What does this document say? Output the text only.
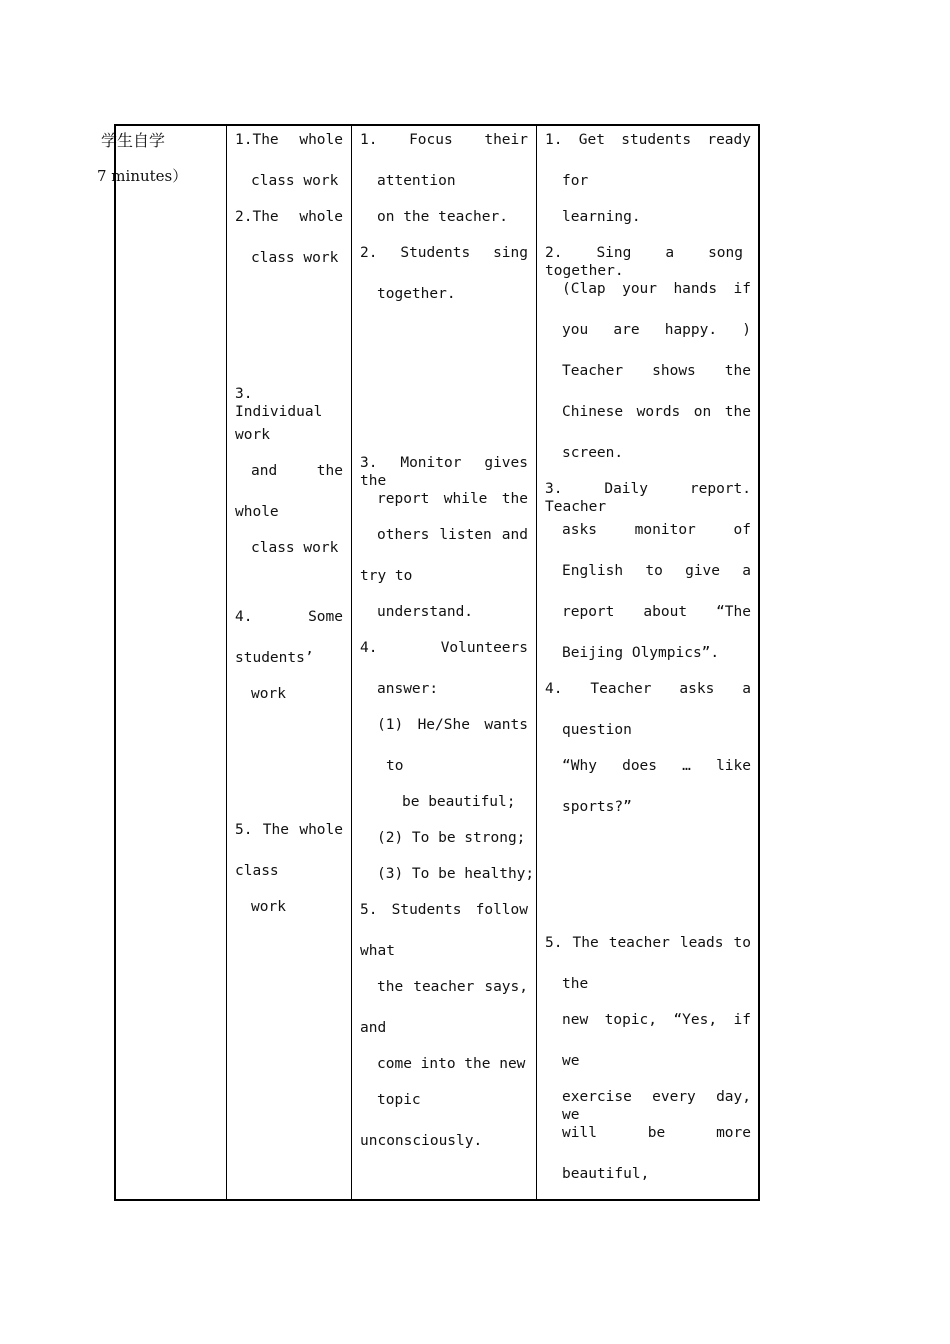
学生自学
7 minutes）
1.The whole
class work
2.The whole
class work
3. Individual
work
and the
whole
class work
4. Some
students’
work
5. The whole
class
work
1. Focus their
attention
on the teacher.
2. Students sing
together.
3. Monitor gives the
report while the
others listen and
try to
understand.
4. Volunteers
answer:
(1) He/She wants
to
be beautiful;
(2) To be strong;
(3) To be healthy;
5. Students follow
what
the teacher says,
and
come into the new
topic
unconsciously.
1. Get students ready
for
learning.
2. Sing a song together.
(Clap your hands if
you are happy. )
Teacher shows the
Chinese words on the
screen.
3. Daily report. Teacher
asks monitor of
English to give a
report about “The
Beijing Olympics”.
4. Teacher asks a
question
“Why does … like
sports?”
5. The teacher leads to
the
new topic, “Yes, if
we
exercise every day, we
will be more
beautiful,
